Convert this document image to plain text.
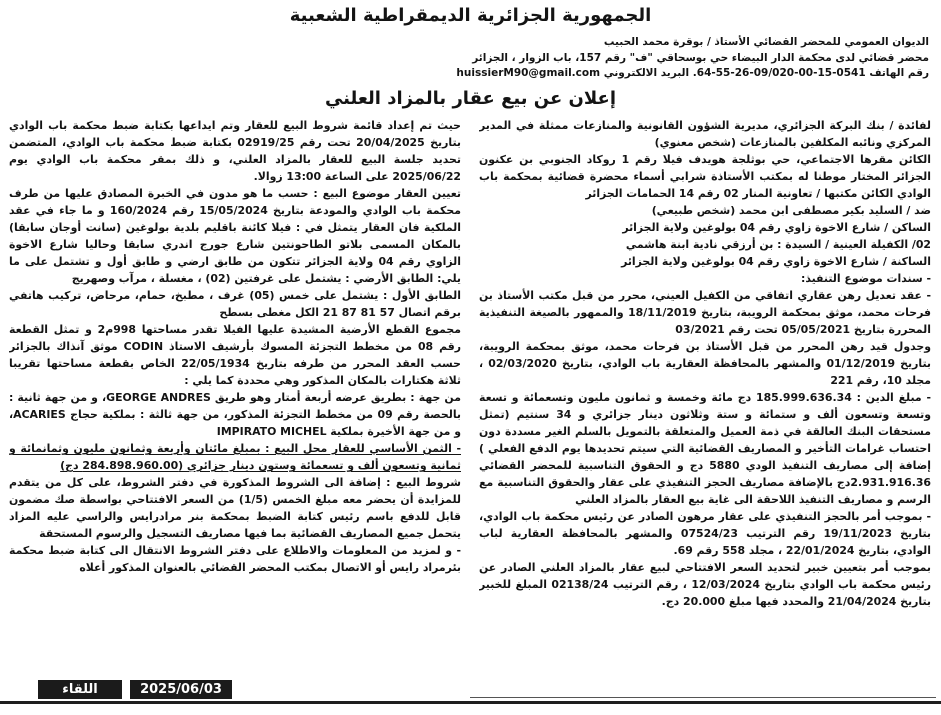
الجمهورية الجزائرية الديمقراطية الشعبية
الديوان العمومي للمحضر القضائي الأستاذ / بوقرة محمد الحبيب
محضر قضائي لدى محكمة الدار البيضاء حي بوسحاقي "ف" رقم 157، باب الزوار ، الجزائر
رقم الهاتف 0541-15-00-09/020-26-55-64. البريد الالكتروني huissierM90@gmail.com
إعلان عن بيع عقار بالمزاد العلني

لفائدة / بنك البركة الجزائري، مديرية الشؤون القانونية والمنازعات ممثلة في المدير المركزي ونائبه المكلفين بالمنازعات (شخص معنوي)

الكائن مقرها الاجتماعي، حي بوثلجة هويدف فيلا رقم 1 روكاد الجنوبي بن عكنون الجزائر المختار موطنا له بمكتب الأستاذة شرابي أسماء محضرة قضائية بمحكمة باب الوادي الكائن مكتبها / تعاونية المنار 02 رقم 14 الحمامات الجزائر

ضد / السليد بكير مصطفى ابن محمد (شخص طبيعي)

الساكن / شارع الاخوة زاوي رقم 04 بولوغين ولاية الجزائر

02/ الكفيلة العينية / السيدة : بن أرزقي نادية ابنة هاشمي

الساكنة / شارع الاخوة زاوي رقم 04 بولوغين ولاية الجزائر

- سندات موضوع التنفيذ:

- عقد تعديل رهن عقاري اتفاقي من الكفيل العيني، محرر من قبل مكتب الأستاذ بن فرحات محمد، موثق بمحكمة الرويبة، بتاريخ 18/11/2019 والممهور بالصيغة التنفيذية المحررة بتاريخ 05/05/2021 تحت رقم 03/2021

وجدول قيد رهن المحرر من قبل الأستاذ بن فرحات محمد، موثق بمحكمة الرويبة، بتاريخ 01/12/2019 والمشهر بالمحافظة العقارية باب الوادي، بتاريخ 02/03/2020 ، مجلد 10، رقم 221

- مبلغ الدين : 185.999.636.34 دج مائة وخمسة و ثمانون مليون وتسعمائة و تسعة وتسعة وتسعون ألف و ستمائة و ستة وثلاثون دينار جزائري و 34 سنتيم (تمثل مستحقات البنك العالقة في ذمة العميل والمتعلقة بالتمويل بالسلم الغير مسددة دون احتساب غرامات التأخير و المصاريف القضائية التي سيتم تحديدها يوم الدفع الفعلي ) إضافة إلى مصاريف التنفيذ الودي 5880 دج و الحقوق التناسبية للمحضر القضائي 2.931.916.36دج بالإضافة مصاريف الحجز التنفيذي على عقار والحقوق التناسبية مع الرسم و مصاريف التنفيذ اللاحقة الى غاية بيع العقار بالمزاد العلني

- بموجب أمر بالحجز التنفيذي على عقار مرهون الصادر عن رئيس محكمة باب الوادي، بتاريخ 19/11/2023 رقم الترتيب 07524/23 والمشهر بالمحافظة العقارية لباب الوادي، بتاريخ 22/01/2024 ، مجلد 558 رقم 69.

بموجب أمر بتعيين خبير لتحديد السعر الافتتاحي لبيع عقار بالمزاد العلني الصادر عن رئيس محكمة باب الوادي بتاريخ 12/03/2024 ، رقم الترتيب 02138/24 المبلغ للخبير بتاريخ 21/04/2024 والمحدد فيها مبلغ 20.000 دج.

حيث تم إعداد قائمة شروط البيع للعقار وتم ايداعها بكتابة ضبط محكمة باب الوادي بتاريخ 20/04/2025 تحت رقم 02919/25 بكتابة ضبط محكمة باب الوادي، المتضمن تحديد جلسة البيع للعقار بالمزاد العلني، و ذلك بمقر محكمة باب الوادي يوم 2025/06/22 على الساعة 13:00 زوالا.

تعيين العقار موضوع البيع : حسب ما هو مدون في الخبرة المصادق عليها من طرف محكمة باب الوادي والمودعة بتاريخ 15/05/2024 رقم 160/2024 و ما جاء في عقد الملكية فان العقار يتمثل في : فيلا كائنة باقليم بلدية بولوغين (سانت أوجان سابقا) بالمكان المسمى بلاتو الطاحونتين شارع جورج اندري سابقا وحاليا شارع الاخوة الزاوي رقم 04 ولاية الجزائر تتكون من طابق ارضي و طابق أول و تشتمل على ما يلي: الطابق الأرضي : يشتمل على غرفتين (02) ، مغسلة ، مرآب وصهريج

الطابق الأول : يشتمل على خمس (05) غرف ، مطبخ، حمام، مرحاض، تركيب هاتفي برقم اتصال 57 81 87 21 الكل مغطى بسطح

مجموع القطع الأرضية المشيدة عليها الفيلا تقدر مساحتها 998م2 و تمثل القطعة رقم 08 من مخطط التجزئة المسوك بأرشيف الاستاذ CODIN موثق آنذاك بالجزائر حسب العقد المحرر من طرفه بتاريخ 22/05/1934 الخاص بقطعة مساحتها تقريبا ثلاثة هكتارات بالمكان المذكور وهي محددة كما يلي :

من جهة : بطريق عرضه أربعة أمتار وهو طريق GEORGE ANDRES، و من جهة ثانية : بالحصة رقم 09 من مخطط التجزئة المذكور، من جهة ثالثة : بملكية حجاج ACARIES، و من جهة الأخيرة بملكية IMPIRATO MICHEL

- الثمن الأساسي للعقار محل البيع : بمبلغ مائتان وأربعة وثمانون مليون وثمانمائة و ثمانية وتسعون ألف و تسعمائة وستون دينار جزائري (284.898.960.00 دج)

شروط البيع : إضافة الى الشروط المذكورة في دفتر الشروط، على كل من يتقدم للمزايدة أن يحضر معه مبلغ الخمس (1/5) من السعر الافتتاحي بواسطة صك مضمون قابل للدفع باسم رئيس كتابة الضبط بمحكمة بنر مرادرايس والراسي عليه المزاد يتحمل جميع المصاريف القضائية بما فيها مصاريف التسجيل والرسوم المستحقة

- و لمزيد من المعلومات والاطلاع على دفتر الشروط الانتقال الى كتابة ضبط محكمة بئرمراد رايس أو الاتصال بمكتب المحضر القضائي بالعنوان المذكور أعلاه

اللقاء	2025/06/03
